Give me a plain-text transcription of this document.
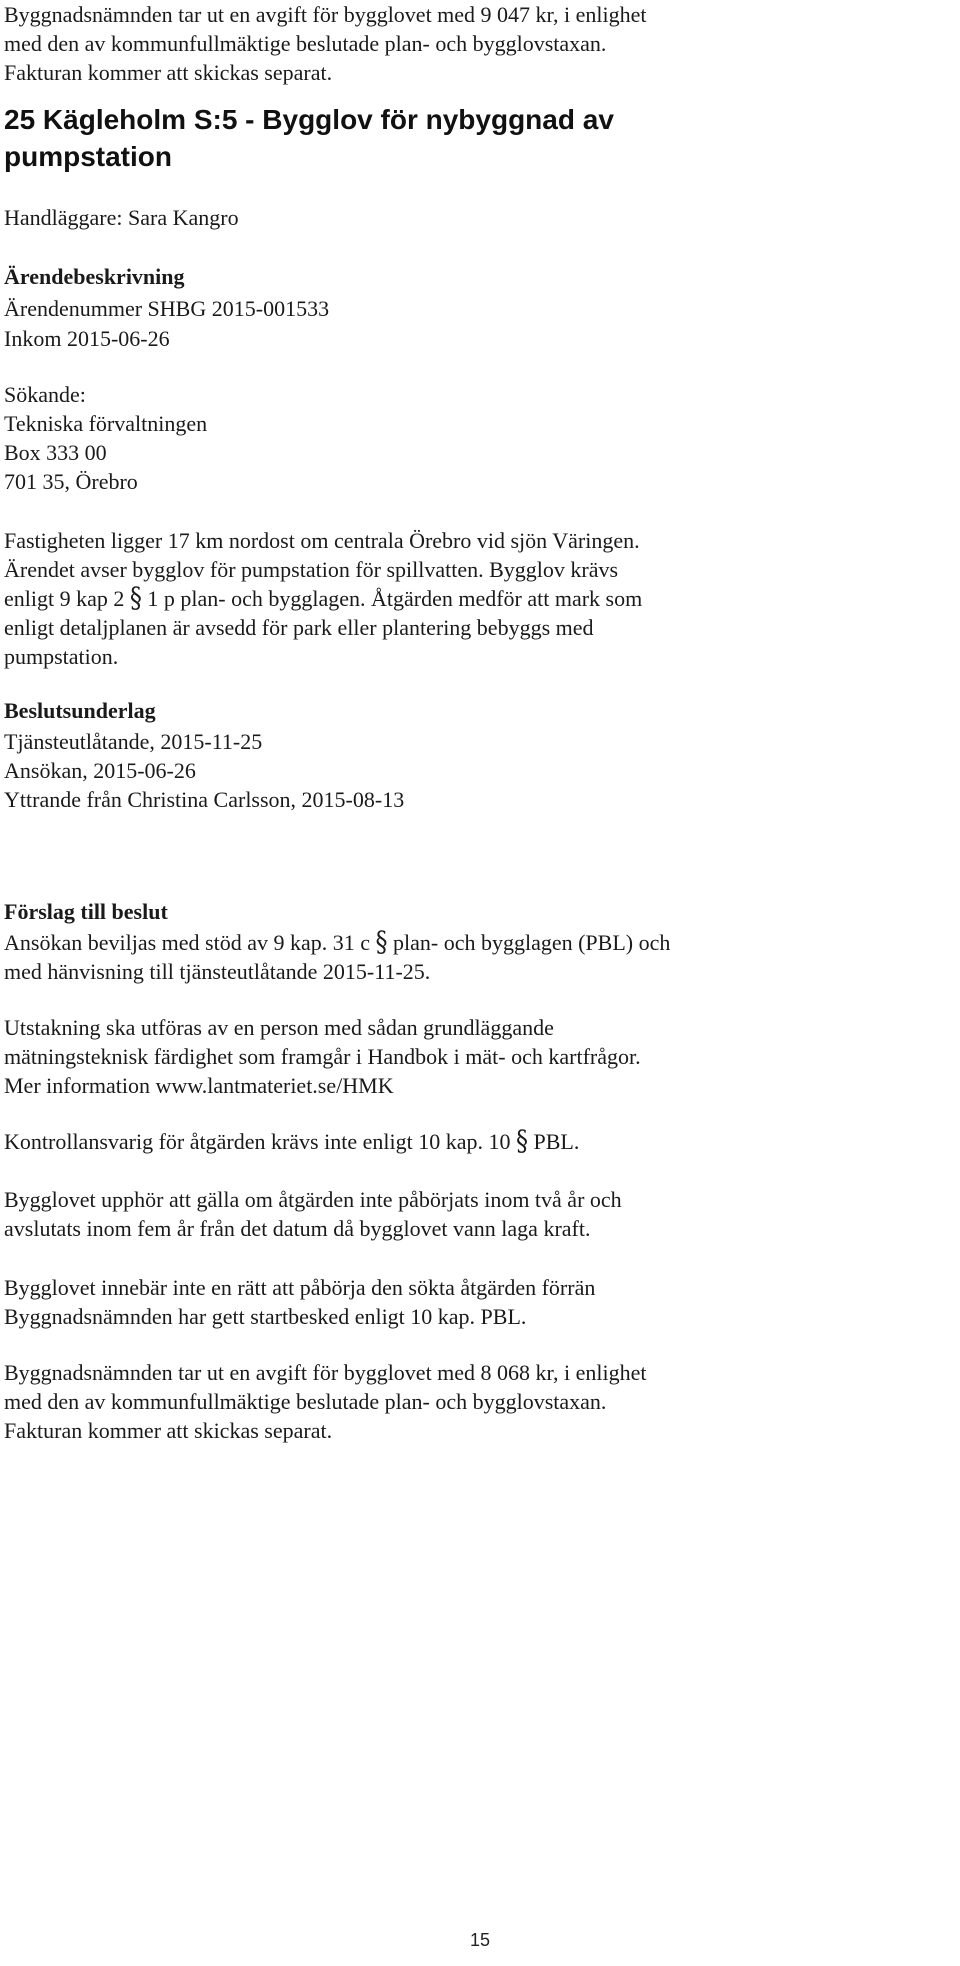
Byggnadsnämnden tar ut en avgift för bygglovet med 9 047 kr, i enlighet
med den av kommunfullmäktige beslutade plan- och bygglovstaxan.
Fakturan kommer att skickas separat.

25 Kägleholm S:5 - Bygglov för nybyggnad av
pumpstation

Handläggare: Sara Kangro

Ärendebeskrivning

Ärendenummer SHBG 2015-001533

Inkom 2015-06-26

Sökande:
Tekniska förvaltningen
Box 333 00
701 35, Örebro

Fastigheten ligger 17 km nordost om centrala Örebro vid sjön Väringen.
Ärendet avser bygglov för pumpstation för spillvatten. Bygglov krävs
enligt 9 kap 2 § 1 p plan- och bygglagen. Åtgärden medför att mark som
enligt detaljplanen är avsedd för park eller plantering bebyggs med
pumpstation.

Beslutsunderlag

Tjänsteutlåtande, 2015-11-25
Ansökan, 2015-06-26
Yttrande från Christina Carlsson, 2015-08-13

Förslag till beslut

Ansökan beviljas med stöd av 9 kap. 31 c § plan- och bygglagen (PBL) och
med hänvisning till tjänsteutlåtande 2015-11-25.

Utstakning ska utföras av en person med sådan grundläggande
mätningsteknisk färdighet som framgår i Handbok i mät- och kartfrågor.
Mer information www.lantmateriet.se/HMK

Kontrollansvarig för åtgärden krävs inte enligt 10 kap. 10 § PBL.

Bygglovet upphör att gälla om åtgärden inte påbörjats inom två år och
avslutats inom fem år från det datum då bygglovet vann laga kraft.

Bygglovet innebär inte en rätt att påbörja den sökta åtgärden förrän
Byggnadsnämnden har gett startbesked enligt 10 kap. PBL.

Byggnadsnämnden tar ut en avgift för bygglovet med 8 068 kr, i enlighet
med den av kommunfullmäktige beslutade plan- och bygglovstaxan.
Fakturan kommer att skickas separat.

15
